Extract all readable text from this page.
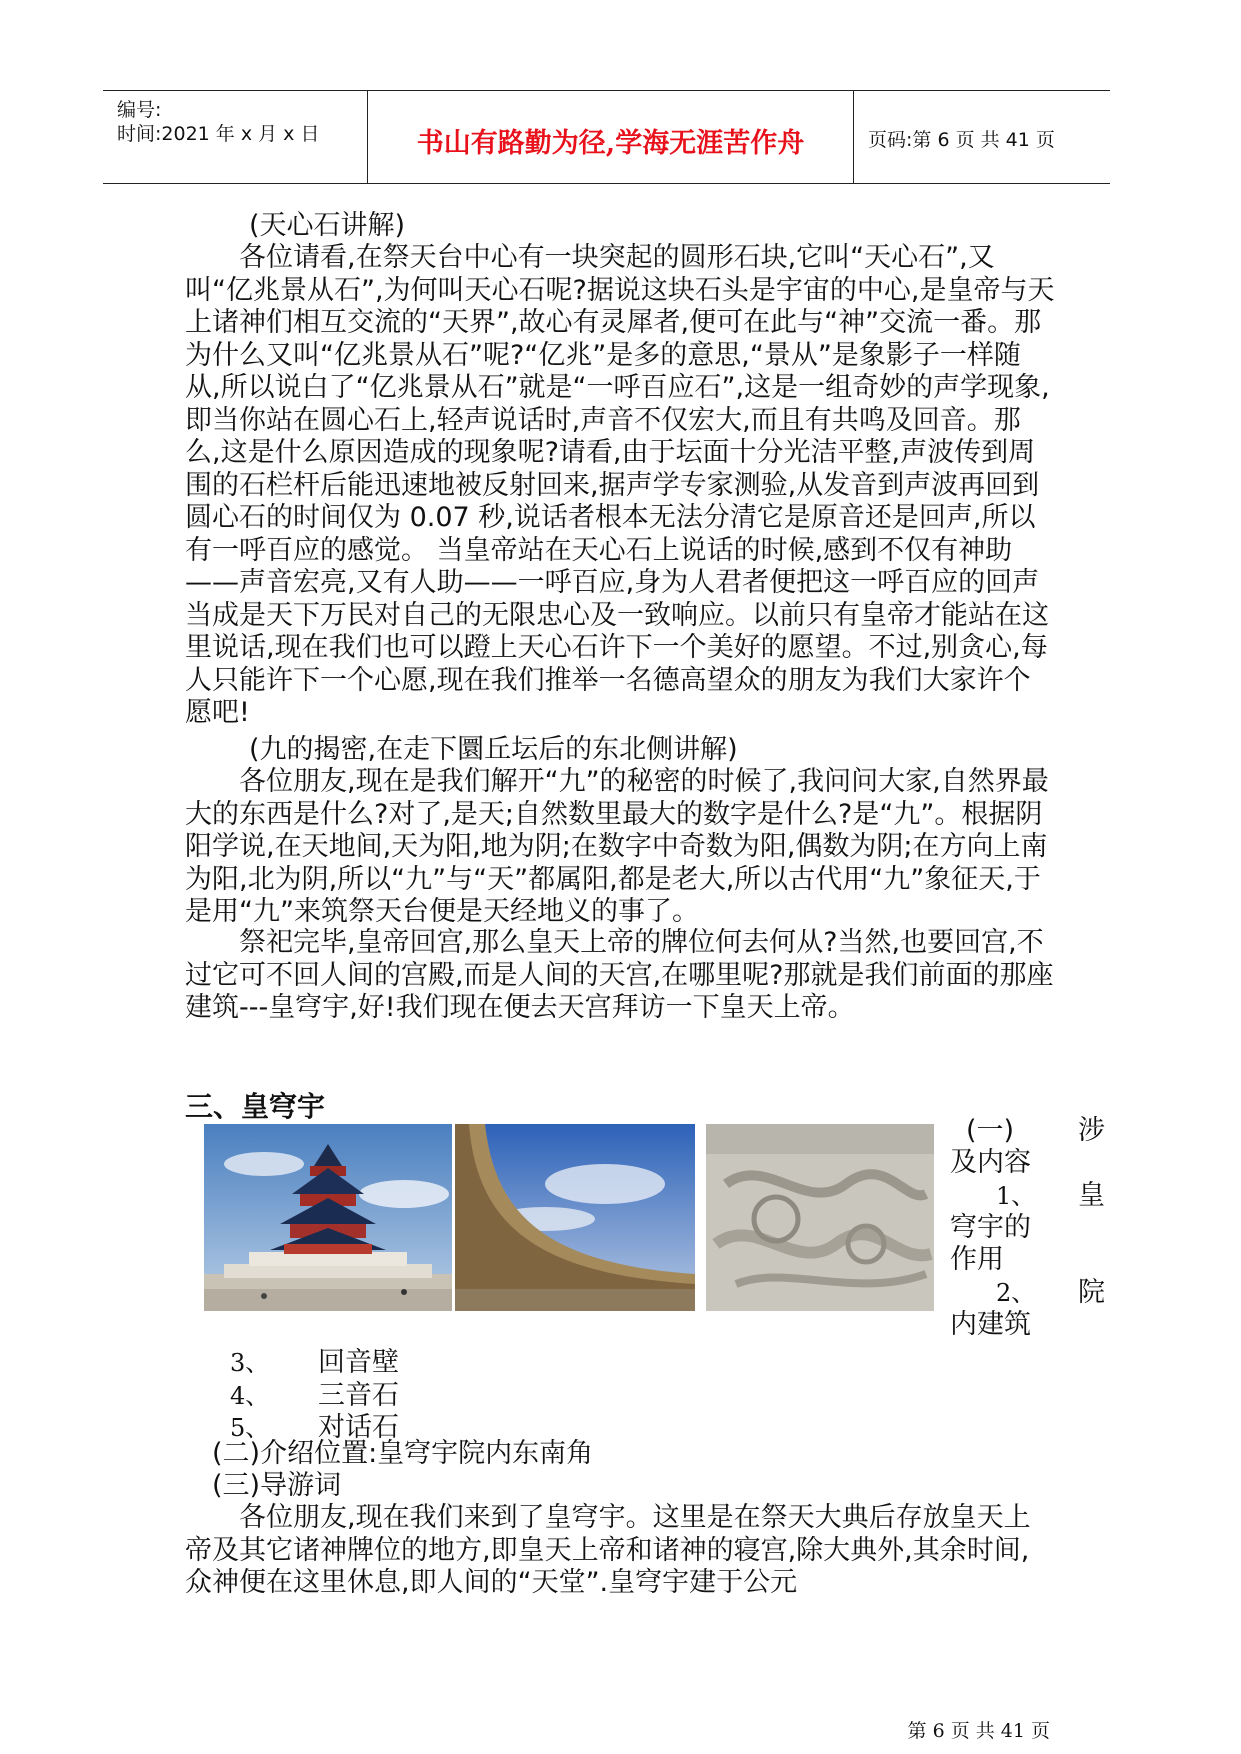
编号:
时间:2021 年 x 月 x 日	书山有路勤为径,学海无涯苦作舟	页码:第 6 页 共 41 页

(天心石讲解)

各位请看,在祭天台中心有一块突起的圆形石块,它叫“天心石”,又叫“亿兆景从石”,为何叫天心石呢?据说这块石头是宇宙的中心,是皇帝与天上诸神们相互交流的“天界”,故心有灵犀者,便可在此与“神”交流一番。那为什么又叫“亿兆景从石”呢?“亿兆”是多的意思,“景从”是象影子一样随从,所以说白了“亿兆景从石”就是“一呼百应石”,这是一组奇妙的声学现象,即当你站在圆心石上,轻声说话时,声音不仅宏大,而且有共鸣及回音。那么,这是什么原因造成的现象呢?请看,由于坛面十分光洁平整,声波传到周围的石栏杆后能迅速地被反射回来,据声学专家测验,从发音到声波再回到圆心石的时间仅为 0.07 秒,说话者根本无法分清它是原音还是回声,所以有一呼百应的感觉。 当皇帝站在天心石上说话的时候,感到不仅有神助——声音宏亮,又有人助——一呼百应,身为人君者便把这一呼百应的回声当成是天下万民对自己的无限忠心及一致响应。以前只有皇帝才能站在这里说话,现在我们也可以蹬上天心石许下一个美好的愿望。不过,别贪心,每人只能许下一个心愿,现在我们推举一名德高望众的朋友为我们大家许个愿吧!

(九的揭密,在走下圜丘坛后的东北侧讲解)

各位朋友,现在是我们解开“九”的秘密的时候了,我问问大家,自然界最大的东西是什么?对了,是天;自然数里最大的数字是什么?是“九”。根据阴阳学说,在天地间,天为阳,地为阴;在数字中奇数为阳,偶数为阴;在方向上南为阳,北为阴,所以“九”与“天”都属阳,都是老大,所以古代用“九”象征天,于是用“九”来筑祭天台便是天经地义的事了。

祭祀完毕,皇帝回宫,那么皇天上帝的牌位何去何从?当然,也要回宫,不过它可不回人间的宫殿,而是人间的天宫,在哪里呢?那就是我们前面的那座建筑---皇穹宇,好!我们现在便去天宫拜访一下皇天上帝。

三、皇穹宇

(一) 涉
及内容
1、 皇
穹宇的
作用
2、 院
内建筑
3、 回音壁
4、 三音石
5、 对话石

(二)介绍位置:皇穹宇院内东南角

(三)导游词

各位朋友,现在我们来到了皇穹宇。这里是在祭天大典后存放皇天上帝及其它诸神牌位的地方,即皇天上帝和诸神的寝宫,除大典外,其余时间,众神便在这里休息,即人间的“天堂”.皇穹宇建于公元

第 6 页 共 41 页
